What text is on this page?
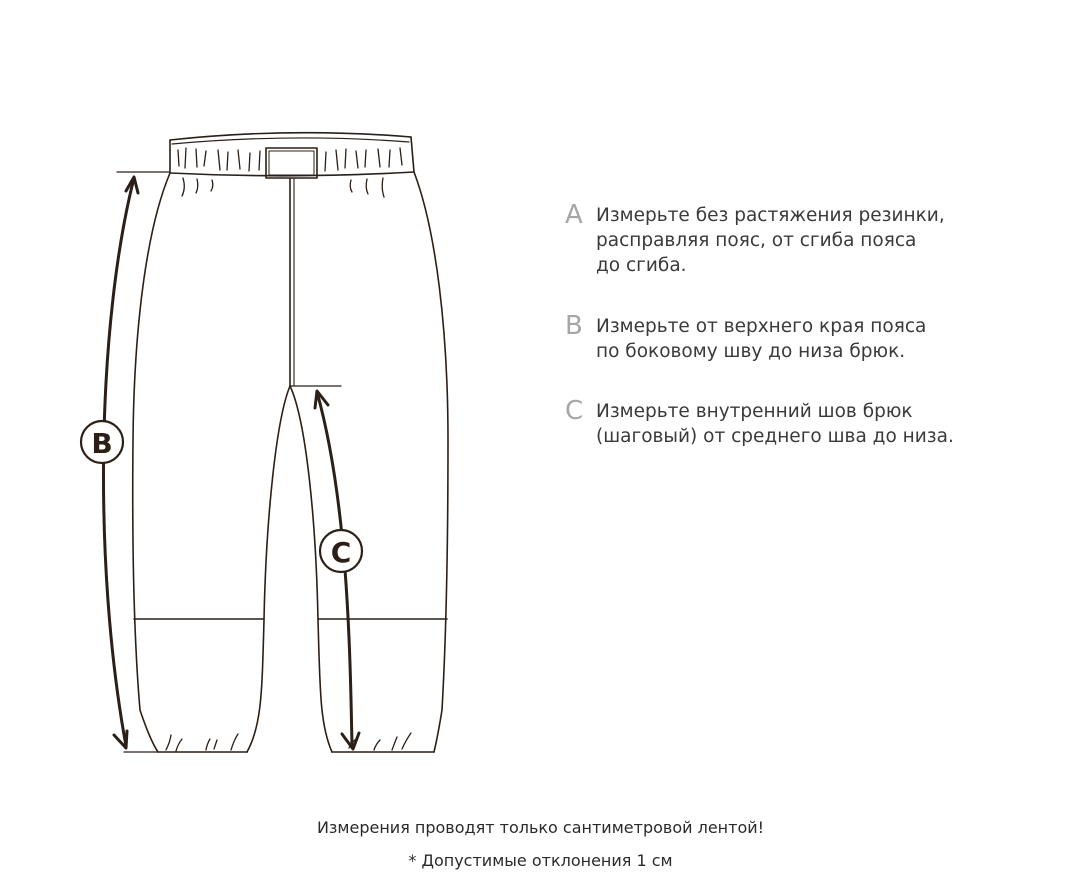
B
C
A Измерьте без растяжения резинки,
расправляя пояс, от сгиба пояса
до сгиба.
B Измерьте от верхнего края пояса
по боковому шву до низа брюк.
C Измерьте внутренний шов брюк
(шаговый) от среднего шва до низа.
Измерения проводят только сантиметровой лентой!
* Допустимые отклонения 1 см
